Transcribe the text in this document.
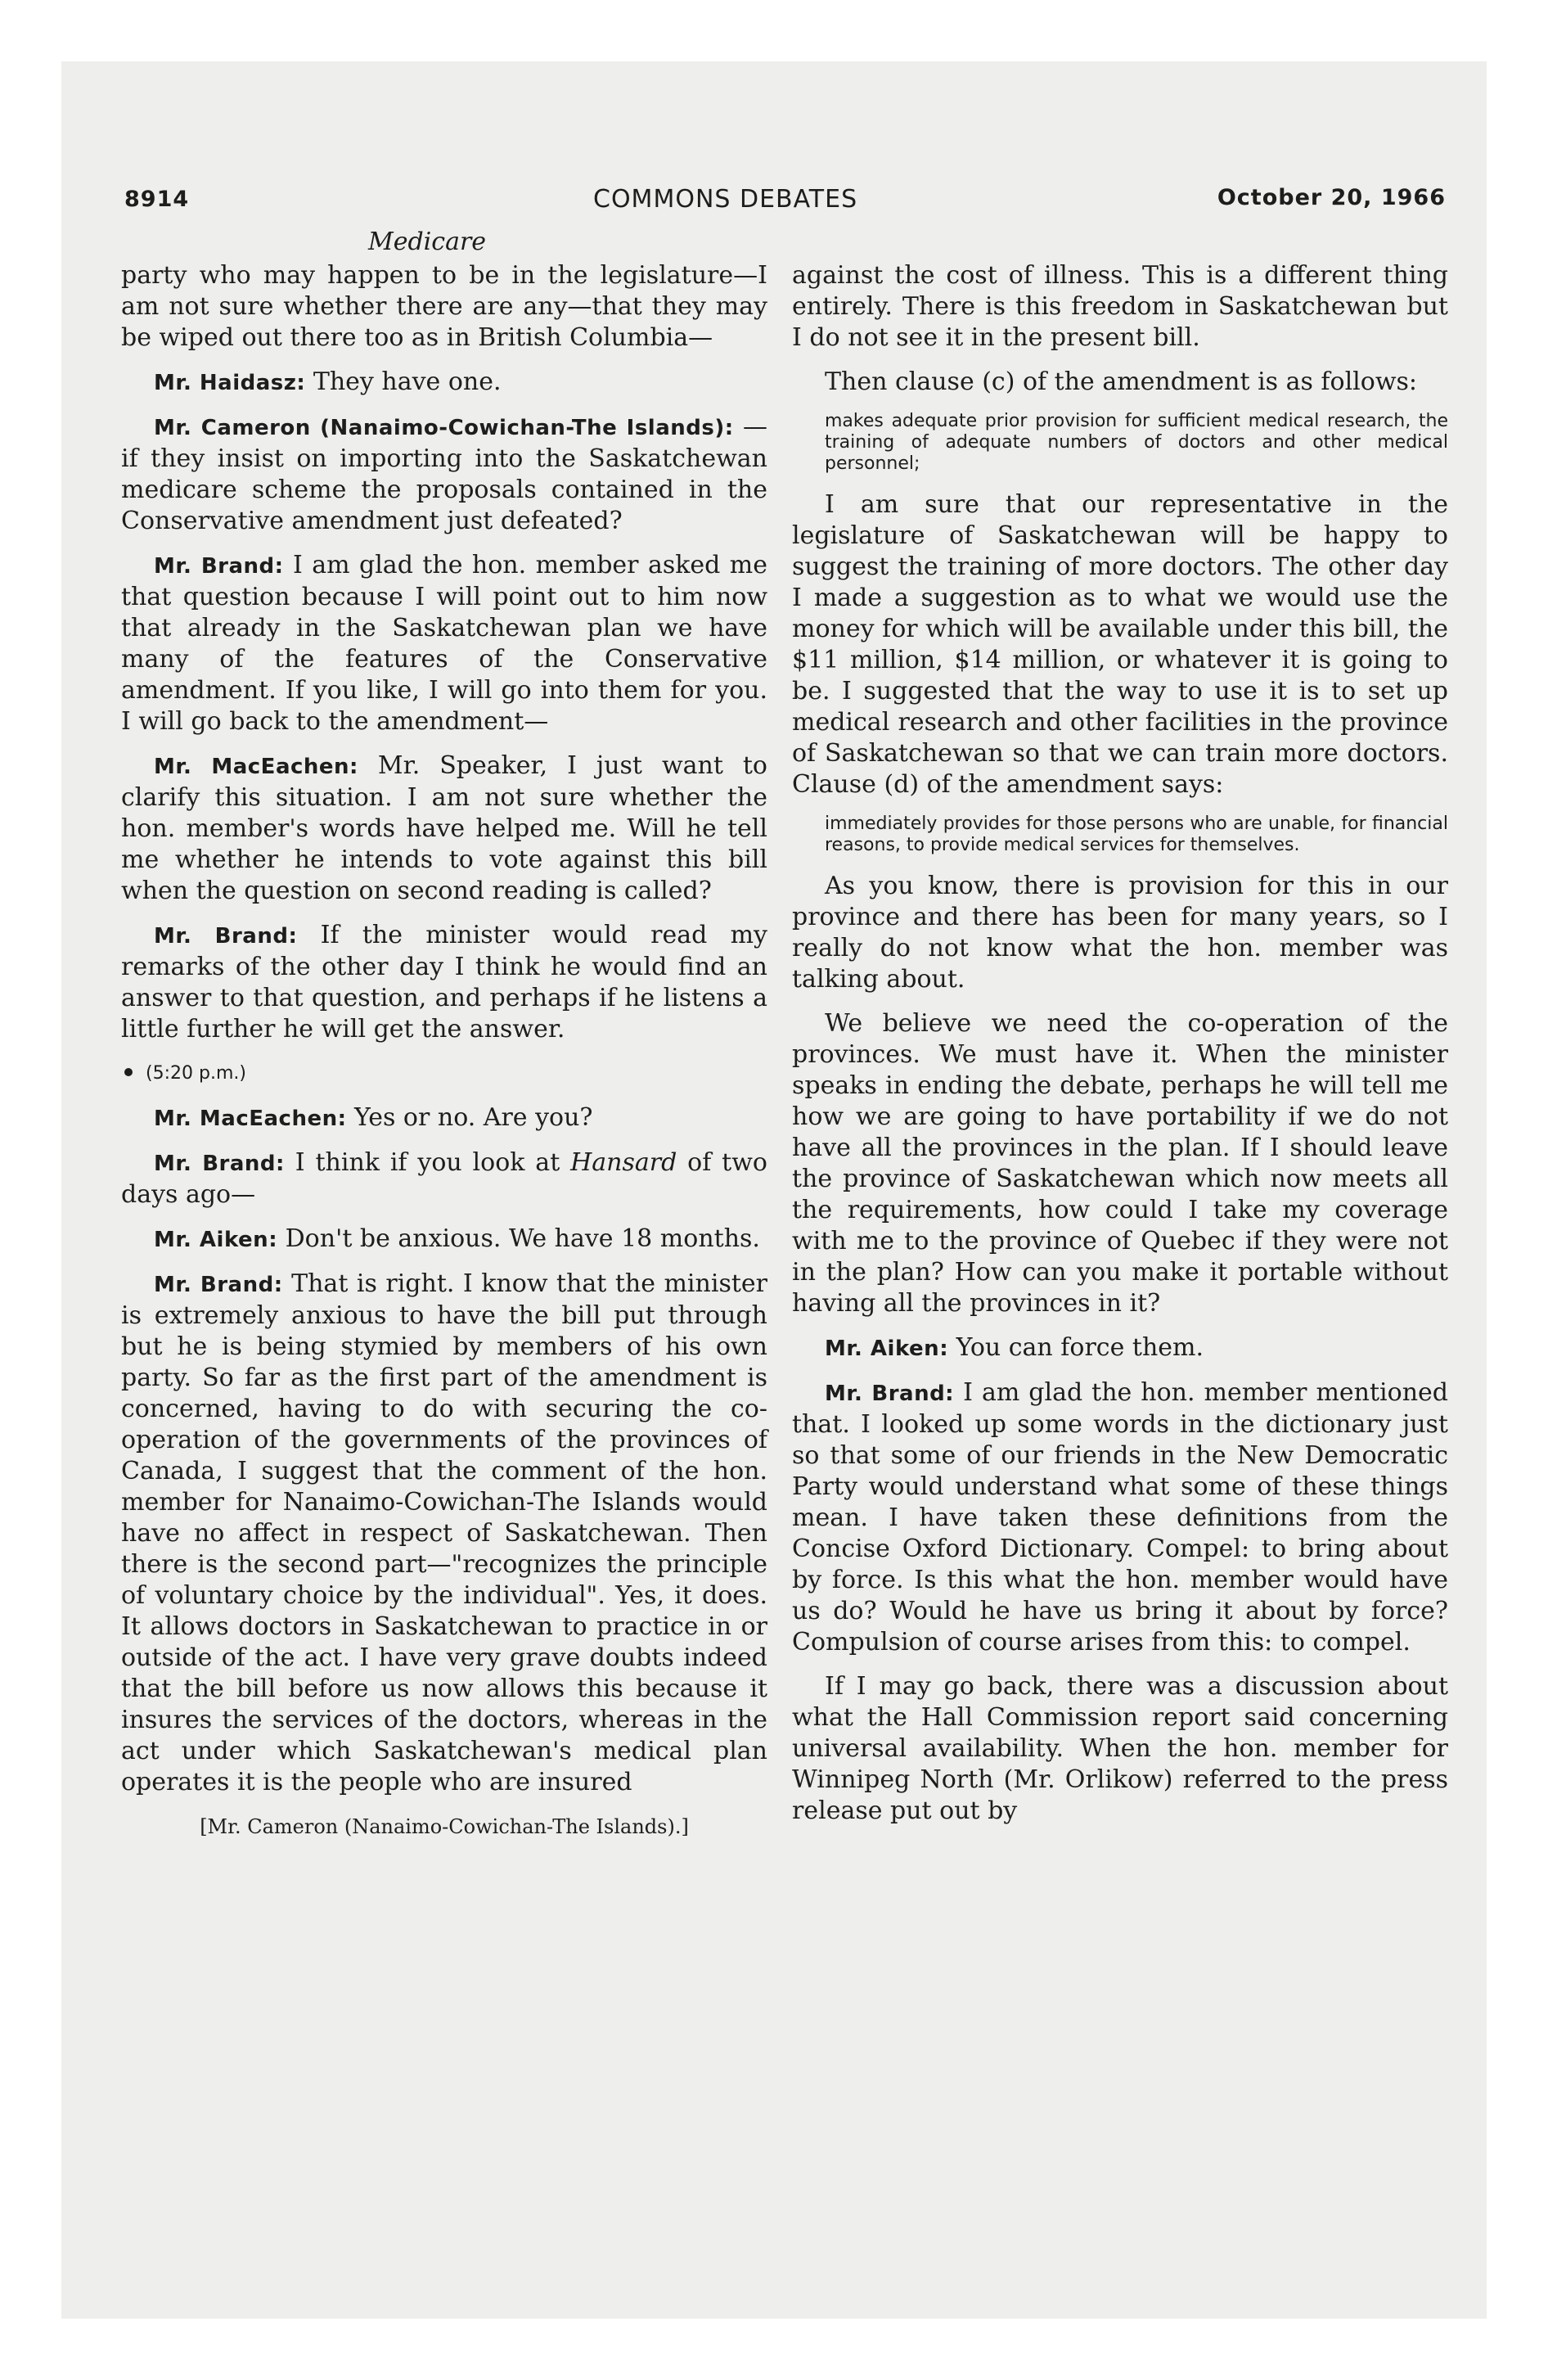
8914	COMMONS DEBATES	October 20, 1966
Medicare

party who may happen to be in the legislature—I am not sure whether there are any—that they may be wiped out there too as in British Columbia—

Mr. Haidasz: They have one.

Mr. Cameron (Nanaimo-Cowichan-The Islands): —if they insist on importing into the Saskatchewan medicare scheme the proposals contained in the Conservative amendment just defeated?

Mr. Brand: I am glad the hon. member asked me that question because I will point out to him now that already in the Saskatchewan plan we have many of the features of the Conservative amendment. If you like, I will go into them for you. I will go back to the amendment—

Mr. MacEachen: Mr. Speaker, I just want to clarify this situation. I am not sure whether the hon. member's words have helped me. Will he tell me whether he intends to vote against this bill when the question on second reading is called?

Mr. Brand: If the minister would read my remarks of the other day I think he would find an answer to that question, and perhaps if he listens a little further he will get the answer.

(5:20 p.m.)

Mr. MacEachen: Yes or no. Are you?

Mr. Brand: I think if you look at Hansard of two days ago—

Mr. Aiken: Don't be anxious. We have 18 months.

Mr. Brand: That is right. I know that the minister is extremely anxious to have the bill put through but he is being stymied by members of his own party. So far as the first part of the amendment is concerned, having to do with securing the co-operation of the governments of the provinces of Canada, I suggest that the comment of the hon. member for Nanaimo-Cowichan-The Islands would have no affect in respect of Saskatchewan. Then there is the second part—"recognizes the principle of voluntary choice by the individual". Yes, it does. It allows doctors in Saskatchewan to practice in or outside of the act. I have very grave doubts indeed that the bill before us now allows this because it insures the services of the doctors, whereas in the act under which Saskatchewan's medical plan operates it is the people who are insured

[Mr. Cameron (Nanaimo-Cowichan-The Islands).]

against the cost of illness. This is a different thing entirely. There is this freedom in Saskatchewan but I do not see it in the present bill.

Then clause (c) of the amendment is as follows:

makes adequate prior provision for sufficient medical research, the training of adequate numbers of doctors and other medical personnel;

I am sure that our representative in the legislature of Saskatchewan will be happy to suggest the training of more doctors. The other day I made a suggestion as to what we would use the money for which will be available under this bill, the $11 million, $14 million, or whatever it is going to be. I suggested that the way to use it is to set up medical research and other facilities in the province of Saskatchewan so that we can train more doctors. Clause (d) of the amendment says:

immediately provides for those persons who are unable, for financial reasons, to provide medical services for themselves.

As you know, there is provision for this in our province and there has been for many years, so I really do not know what the hon. member was talking about.

We believe we need the co-operation of the provinces. We must have it. When the minister speaks in ending the debate, perhaps he will tell me how we are going to have portability if we do not have all the provinces in the plan. If I should leave the province of Saskatchewan which now meets all the requirements, how could I take my coverage with me to the province of Quebec if they were not in the plan? How can you make it portable without having all the provinces in it?

Mr. Aiken: You can force them.

Mr. Brand: I am glad the hon. member mentioned that. I looked up some words in the dictionary just so that some of our friends in the New Democratic Party would understand what some of these things mean. I have taken these definitions from the Concise Oxford Dictionary. Compel: to bring about by force. Is this what the hon. member would have us do? Would he have us bring it about by force? Compulsion of course arises from this: to compel.

If I may go back, there was a discussion about what the Hall Commission report said concerning universal availability. When the hon. member for Winnipeg North (Mr. Orlikow) referred to the press release put out by
